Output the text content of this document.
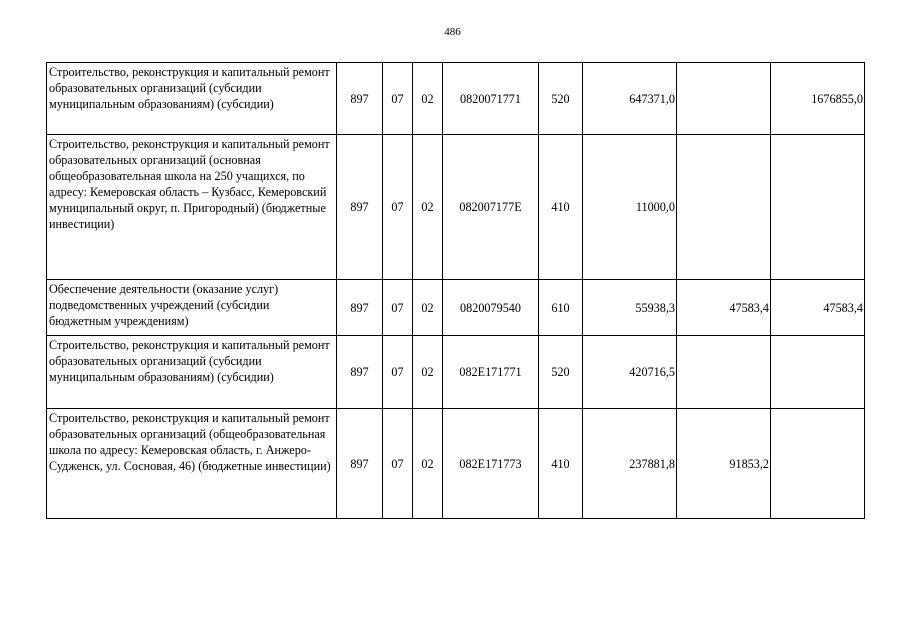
486
Строительство, реконструкция и капитальный ремонт образовательных организаций (субсидии муниципальным образованиям) (субсидии)	897	07	02	0820071771	520	647371,0		1676855,0
Строительство, реконструкция и капитальный ремонт образовательных организаций (основная общеобразовательная школа на 250 учащихся, по адресу: Кемеровская область – Кузбасс, Кемеровский муниципальный округ, п. Пригородный) (бюджетные инвестиции)	897	07	02	082007177Е	410	11000,0		
Обеспечение деятельности (оказание услуг) подведомственных учреждений (субсидии бюджетным учреждениям)	897	07	02	0820079540	610	55938,3	47583,4	47583,4
Строительство, реконструкция и капитальный ремонт образовательных организаций (субсидии муниципальным образованиям) (субсидии)	897	07	02	082E171771	520	420716,5		
Строительство, реконструкция и капитальный ремонт образовательных организаций (общеобразовательная школа по адресу: Кемеровская область, г. Анжеро-Судженск, ул. Сосновая, 46) (бюджетные инвестиции)	897	07	02	082E171773	410	237881,8	91853,2	
